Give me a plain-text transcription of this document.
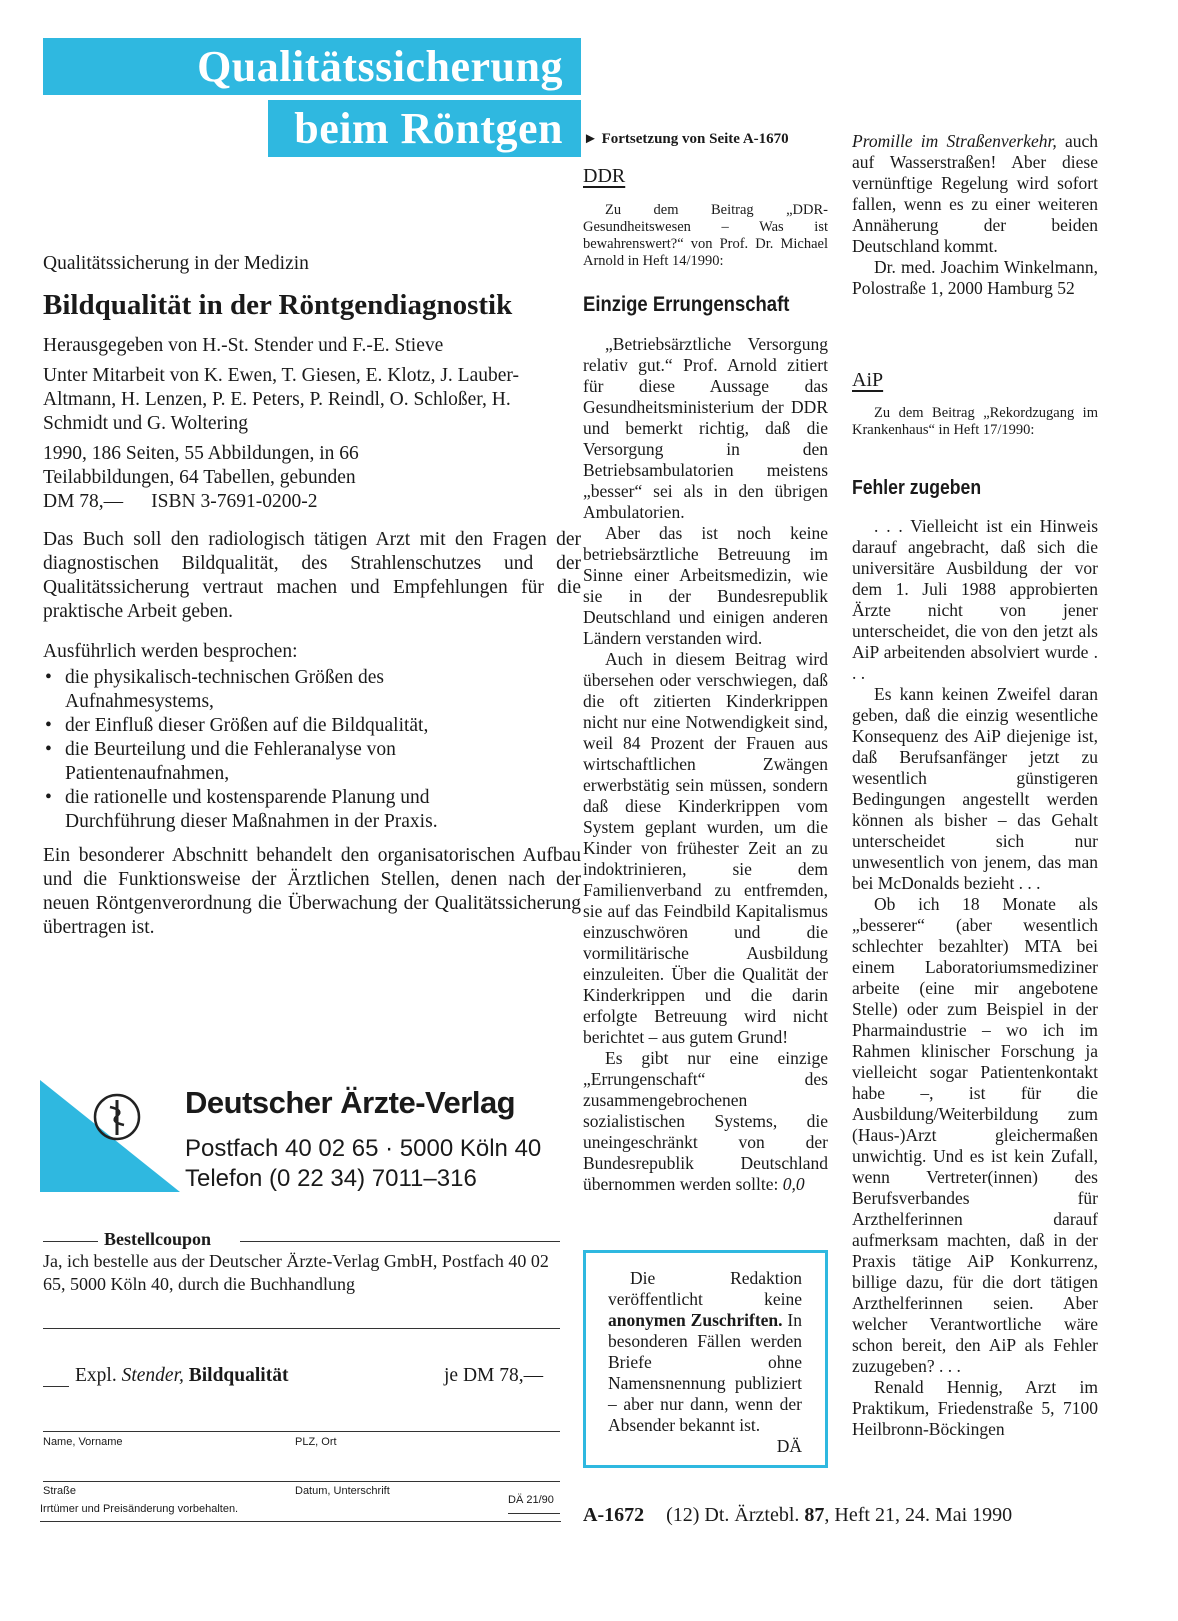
Qualitätssicherung
beim Röntgen
Qualitätssicherung in der Medizin
Bildqualität in der Röntgendiagnostik
Herausgegeben von H.-St. Stender und F.-E. Stieve
Unter Mitarbeit von K. Ewen, T. Giesen, E. Klotz, J. Lauber-Altmann, H. Lenzen, P. E. Peters, P. Reindl, O. Schloßer, H. Schmidt und G. Woltering
1990, 186 Seiten, 55 Abbildungen, in 66 Teilabbildungen, 64 Tabellen, gebunden
DM 78,— ISBN 3-7691-0200-2
Das Buch soll den radiologisch tätigen Arzt mit den Fragen der diagnostischen Bildqualität, des Strahlenschutzes und der Qualitätssicherung vertraut machen und Empfehlungen für die praktische Arbeit geben.
Ausführlich werden besprochen:
• die physikalisch-technischen Größen des Aufnahmesystems,
• der Einfluß dieser Größen auf die Bildqualität,
• die Beurteilung und die Fehleranalyse von Patientenaufnahmen,
• die rationelle und kostensparende Planung und Durchführung dieser Maßnahmen in der Praxis.
Ein besonderer Abschnitt behandelt den organisatorischen Aufbau und die Funktionsweise der Ärztlichen Stellen, denen nach der neuen Röntgenverordnung die Überwachung der Qualitätssicherung übertragen ist.
Deutscher Ärzte-Verlag
Postfach 40 02 65 · 5000 Köln 40
Telefon (0 22 34) 7011–316
Bestellcoupon
Ja, ich bestelle aus der Deutscher Ärzte-Verlag GmbH, Postfach 40 02 65, 5000 Köln 40, durch die Buchhandlung
Expl. Stender, Bildqualität	je DM 78,—
Name, Vorname	PLZ, Ort
Straße	Datum, Unterschrift
DÄ 21/90
Irrtümer und Preisänderung vorbehalten.
► Fortsetzung von Seite A-1670
DDR
Zu dem Beitrag „DDR-Gesundheitswesen – Was ist bewahrenswert?“ von Prof. Dr. Michael Arnold in Heft 14/1990:
Einzige Errungenschaft

„Betriebsärztliche Versorgung relativ gut.“ Prof. Arnold zitiert für diese Aussage das Gesundheitsministerium der DDR und bemerkt richtig, daß die Versorgung in den Betriebsambulatorien meistens „besser“ sei als in den übrigen Ambulatorien.

Aber das ist noch keine betriebsärztliche Betreuung im Sinne einer Arbeitsmedizin, wie sie in der Bundesrepublik Deutschland und einigen anderen Ländern verstanden wird.

Auch in diesem Beitrag wird übersehen oder verschwiegen, daß die oft zitierten Kinderkrippen nicht nur eine Notwendigkeit sind, weil 84 Prozent der Frauen aus wirtschaftlichen Zwängen erwerbstätig sein müssen, sondern daß diese Kinderkrippen vom System geplant wurden, um die Kinder von frühester Zeit an zu indoktrinieren, sie dem Familienverband zu entfremden, sie auf das Feindbild Kapitalismus einzuschwören und die vormilitärische Ausbildung einzuleiten. Über die Qualität der Kinderkrippen und die darin erfolgte Betreuung wird nicht berichtet – aus gutem Grund!

Es gibt nur eine einzige „Errungenschaft“ des zusammengebrochenen sozialistischen Systems, die uneingeschränkt von der Bundesrepublik Deutschland übernommen werden sollte: 0,0

Die Redaktion veröffentlicht keine anonymen Zuschriften. In besonderen Fällen werden Briefe ohne Namensnennung publiziert – aber nur dann, wenn der Absender bekannt ist.
DÄ

Promille im Straßenverkehr, auch auf Wasserstraßen! Aber diese vernünftige Regelung wird sofort fallen, wenn es zu einer weiteren Annäherung der beiden Deutschland kommt.

Dr. med. Joachim Winkelmann, Polostraße 1, 2000 Hamburg 52

AiP
Zu dem Beitrag „Rekordzugang im Krankenhaus“ in Heft 17/1990:
Fehler zugeben

. . . Vielleicht ist ein Hinweis darauf angebracht, daß sich die universitäre Ausbildung der vor dem 1. Juli 1988 approbierten Ärzte nicht von jener unterscheidet, die von den jetzt als AiP arbeitenden absolviert wurde . . .

Es kann keinen Zweifel daran geben, daß die einzig wesentliche Konsequenz des AiP diejenige ist, daß Berufsanfänger jetzt zu wesentlich günstigeren Bedingungen angestellt werden können als bisher – das Gehalt unterscheidet sich nur unwesentlich von jenem, das man bei McDonalds bezieht . . .

Ob ich 18 Monate als „besserer“ (aber wesentlich schlechter bezahlter) MTA bei einem Laboratoriumsmediziner arbeite (eine mir angebotene Stelle) oder zum Beispiel in der Pharmaindustrie – wo ich im Rahmen klinischer Forschung ja vielleicht sogar Patientenkontakt habe –, ist für die Ausbildung/Weiterbildung zum (Haus-)Arzt gleichermaßen unwichtig. Und es ist kein Zufall, wenn Vertreter(innen) des Berufsverbandes für Arzthelferinnen darauf aufmerksam machten, daß in der Praxis tätige AiP Konkurrenz, billige dazu, für die dort tätigen Arzthelferinnen seien. Aber welcher Verantwortliche wäre schon bereit, den AiP als Fehler zuzugeben? . . .

Renald Hennig, Arzt im Praktikum, Friedenstraße 5, 7100 Heilbronn-Böckingen

A-1672 (12) Dt. Ärztebl. 87, Heft 21, 24. Mai 1990
